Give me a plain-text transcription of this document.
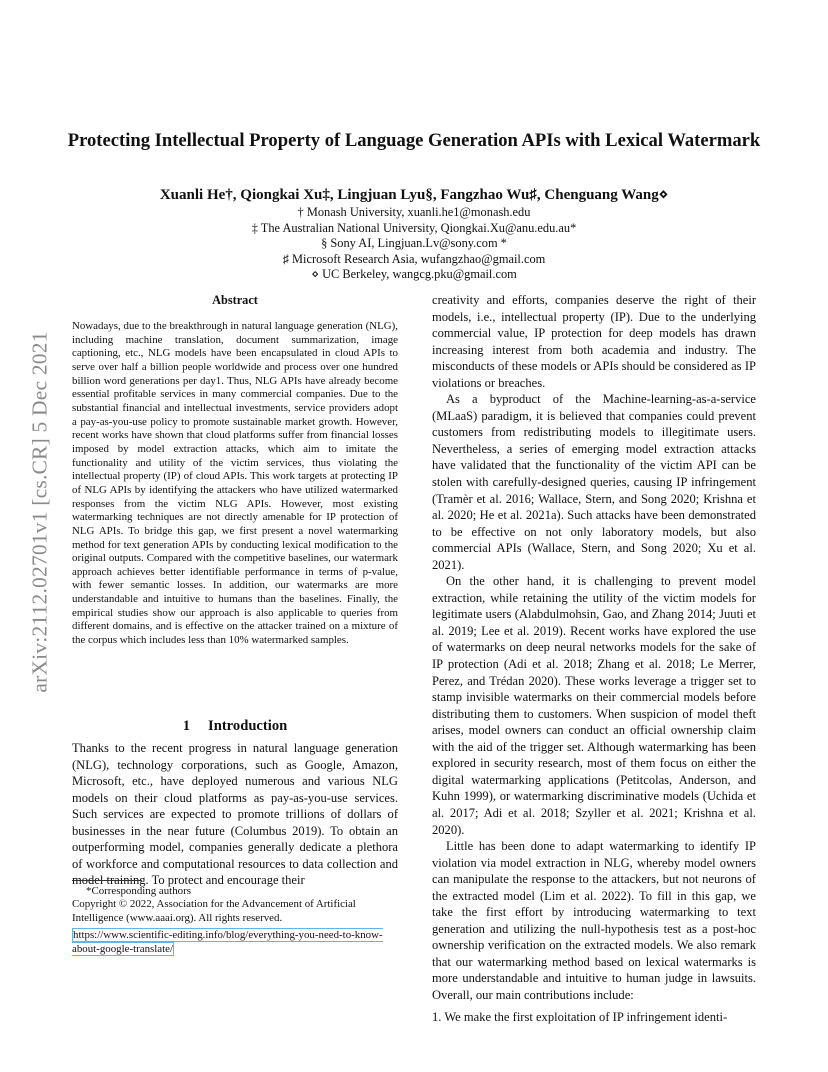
arXiv:2112.02701v1 [cs.CR] 5 Dec 2021
Protecting Intellectual Property of Language Generation APIs with Lexical Watermark
Xuanli He†, Qiongkai Xu‡, Lingjuan Lyu§, Fangzhao Wu♯, Chenguang Wang⋄
† Monash University, xuanli.he1@monash.edu
‡ The Australian National University, Qiongkai.Xu@anu.edu.au*
§ Sony AI, Lingjuan.Lv@sony.com *
♯ Microsoft Research Asia, wufangzhao@gmail.com
⋄ UC Berkeley, wangcg.pku@gmail.com
Abstract
Nowadays, due to the breakthrough in natural language generation (NLG), including machine translation, document summarization, image captioning, etc., NLG models have been encapsulated in cloud APIs to serve over half a billion people worldwide and process over one hundred billion word generations per day1. Thus, NLG APIs have already become essential profitable services in many commercial companies. Due to the substantial financial and intellectual investments, service providers adopt a pay-as-you-use policy to promote sustainable market growth. However, recent works have shown that cloud platforms suffer from financial losses imposed by model extraction attacks, which aim to imitate the functionality and utility of the victim services, thus violating the intellectual property (IP) of cloud APIs. This work targets at protecting IP of NLG APIs by identifying the attackers who have utilized watermarked responses from the victim NLG APIs. However, most existing watermarking techniques are not directly amenable for IP protection of NLG APIs. To bridge this gap, we first present a novel watermarking method for text generation APIs by conducting lexical modification to the original outputs. Compared with the competitive baselines, our watermark approach achieves better identifiable performance in terms of p-value, with fewer semantic losses. In addition, our watermarks are more understandable and intuitive to humans than the baselines. Finally, the empirical studies show our approach is also applicable to queries from different domains, and is effective on the attacker trained on a mixture of the corpus which includes less than 10% watermarked samples.
1 Introduction

Thanks to the recent progress in natural language generation (NLG), technology corporations, such as Google, Amazon, Microsoft, etc., have deployed numerous and various NLG models on their cloud platforms as pay-as-you-use services. Such services are expected to promote trillions of dollars of businesses in the near future (Columbus 2019). To obtain an outperforming model, companies generally dedicate a plethora of workforce and computational resources to data collection and model training. To protect and encourage their

*Corresponding authors
Copyright © 2022, Association for the Advancement of Artificial Intelligence (www.aaai.org). All rights reserved.
https://www.scientific-editing.info/blog/everything-you-need-to-know-about-google-translate/

creativity and efforts, companies deserve the right of their models, i.e., intellectual property (IP). Due to the underlying commercial value, IP protection for deep models has drawn increasing interest from both academia and industry. The misconducts of these models or APIs should be considered as IP violations or breaches.

As a byproduct of the Machine-learning-as-a-service (MLaaS) paradigm, it is believed that companies could prevent customers from redistributing models to illegitimate users. Nevertheless, a series of emerging model extraction attacks have validated that the functionality of the victim API can be stolen with carefully-designed queries, causing IP infringement (Tramèr et al. 2016; Wallace, Stern, and Song 2020; Krishna et al. 2020; He et al. 2021a). Such attacks have been demonstrated to be effective on not only laboratory models, but also commercial APIs (Wallace, Stern, and Song 2020; Xu et al. 2021).

On the other hand, it is challenging to prevent model extraction, while retaining the utility of the victim models for legitimate users (Alabdulmohsin, Gao, and Zhang 2014; Juuti et al. 2019; Lee et al. 2019). Recent works have explored the use of watermarks on deep neural networks models for the sake of IP protection (Adi et al. 2018; Zhang et al. 2018; Le Merrer, Perez, and Trédan 2020). These works leverage a trigger set to stamp invisible watermarks on their commercial models before distributing them to customers. When suspicion of model theft arises, model owners can conduct an official ownership claim with the aid of the trigger set. Although watermarking has been explored in security research, most of them focus on either the digital watermarking applications (Petitcolas, Anderson, and Kuhn 1999), or watermarking discriminative models (Uchida et al. 2017; Adi et al. 2018; Szyller et al. 2021; Krishna et al. 2020).

Little has been done to adapt watermarking to identify IP violation via model extraction in NLG, whereby model owners can manipulate the response to the attackers, but not neurons of the extracted model (Lim et al. 2022). To fill in this gap, we take the first effort by introducing watermarking to text generation and utilizing the null-hypothesis test as a post-hoc ownership verification on the extracted models. We also remark that our watermarking method based on lexical watermarks is more understandable and intuitive to human judge in lawsuits. Overall, our main contributions include:

1. We make the first exploitation of IP infringement identi-
